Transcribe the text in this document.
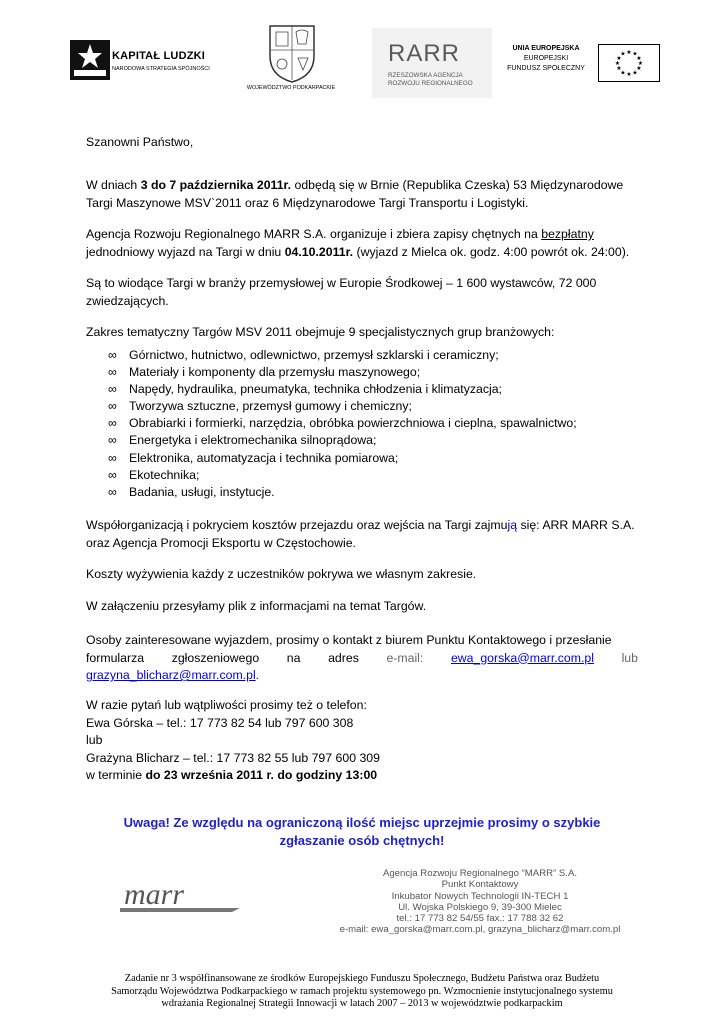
KAPITAŁ LUDZKI
NARODOWA STRATEGIA SPÓJNOŚCI
WOJEWÓDZTWO PODKARPACKIE
RARR
RZESZOWSKA AGENCJA
ROZWOJU REGIONALNEGO
UNIA EUROPEJSKA
EUROPEJSKI
FUNDUSZ SPOŁECZNY
★ ★
★
★
★
★
★
★
★
★
★
★
Szanowni Państwo,

W dniach 3 do 7 października 2011r. odbędą się w Brnie (Republika Czeska) 53 Międzynarodowe

Targi Maszynowe MSV`2011 oraz 6 Międzynarodowe Targi Transportu i Logistyki.

Agencja Rozwoju Regionalnego MARR S.A. organizuje i zbiera zapisy chętnych na bezpłatny

jednodniowy wyjazd na Targi w dniu 04.10.2011r. (wyjazd z Mielca ok. godz. 4:00 powrót ok. 24:00).

Są to wiodące Targi w branży przemysłowej w Europie Środkowej – 1 600 wystawców, 72 000

zwiedzających.

Zakres tematyczny Targów MSV 2011 obejmuje 9 specjalistycznych grup branżowych:
∞ Górnictwo, hutnictwo, odlewnictwo, przemysł szklarski i ceramiczny;
∞ Materiały i komponenty dla przemysłu maszynowego;
∞ Napędy, hydraulika, pneumatyka, technika chłodzenia i klimatyzacja;
∞ Tworzywa sztuczne, przemysł gumowy i chemiczny;
∞ Obrabiarki i formierki, narzędzia, obróbka powierzchniowa i cieplna, spawalnictwo;
∞ Energetyka i elektromechanika silnoprądowa;
∞ Elektronika, automatyzacja i technika pomiarowa;
∞ Ekotechnika;
∞ Badania, usługi, instytucje.

Współorganizacją i pokryciem kosztów przejazdu oraz wejścia na Targi zajmują się: ARR MARR S.A.

oraz Agencja Promocji Eksportu w Częstochowie.

Koszty wyżywienia każdy z uczestników pokrywa we własnym zakresie.
W załączeniu przesyłamy plik z informacjami na temat Targów.

Osoby zainteresowane wyjazdem, prosimy o kontakt z biurem Punktu Kontaktowego i przesłanie

formularza zgłoszeniowego na adres e-mail: ewa_gorska@marr.com.pl lub

grazyna_blicharz@marr.com.pl.

W razie pytań lub wątpliwości prosimy też o telefon:

Ewa Górska – tel.: 17 773 82 54 lub 797 600 308

lub

Grażyna Blicharz – tel.: 17 773 82 55 lub 797 600 309

w terminie do 23 września 2011 r. do godziny 13:00

Uwaga! Ze względu na ograniczoną ilość miejsc uprzejmie prosimy o szybkie
zgłaszanie osób chętnych!
marr
Agencja Rozwoju Regionalnego “MARR” S.A.
Punkt Kontaktowy
Inkubator Nowych Technologii IN-TECH 1
Ul. Wojska Polskiego 9, 39-300 Mielec
tel.: 17 773 82 54/55 fax.: 17 788 32 62
e-mail: ewa_gorska@marr.com.pl, grazyna_blicharz@marr.com.pl
Zadanie nr 3 współfinansowane ze środków Europejskiego Funduszu Społecznego, Budżetu Państwa oraz Budżetu
Samorządu Województwa Podkarpackiego w ramach projektu systemowego pn. Wzmocnienie instytucjonalnego systemu
wdrażania Regionalnej Strategii Innowacji w latach 2007 – 2013 w województwie podkarpackim
